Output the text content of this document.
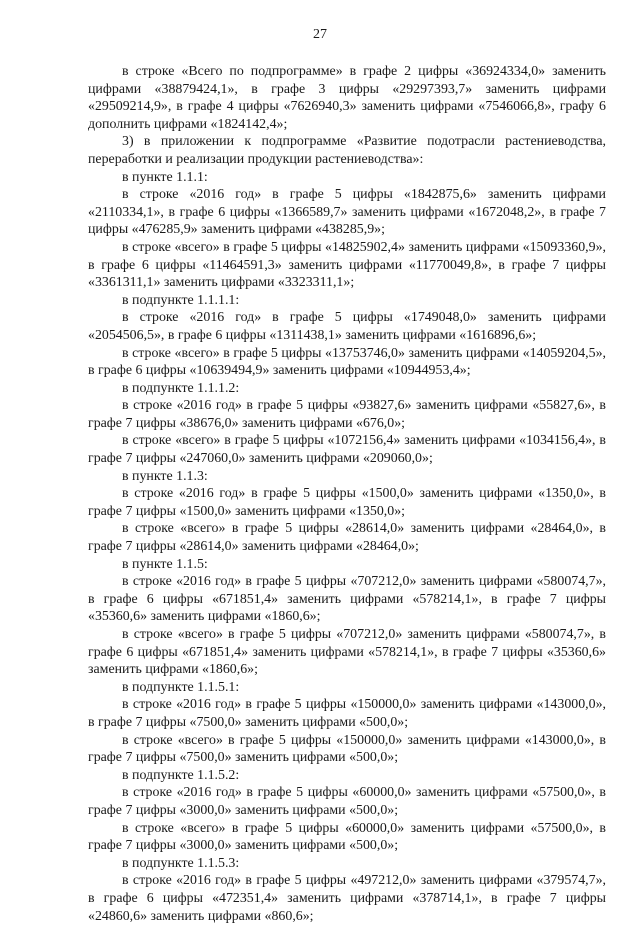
27

в строке «Всего по подпрограмме» в графе 2 цифры «36924334,0» заменить цифрами «38879424,1», в графе 3 цифры «29297393,7» заменить цифрами «29509214,9», в графе 4 цифры «7626940,3» заменить цифрами «7546066,8», графу 6 дополнить цифрами «1824142,4»;

3) в приложении к подпрограмме «Развитие подотрасли растениеводства, переработки и реализации продукции растениеводства»:

в пункте 1.1.1:

в строке «2016 год» в графе 5 цифры «1842875,6» заменить цифрами «2110334,1», в графе 6 цифры «1366589,7» заменить цифрами «1672048,2», в графе 7 цифры «476285,9» заменить цифрами «438285,9»;

в строке «всего» в графе 5 цифры «14825902,4» заменить цифрами «15093360,9», в графе 6 цифры «11464591,3» заменить цифрами «11770049,8», в графе 7 цифры «3361311,1» заменить цифрами «3323311,1»;

в подпункте 1.1.1.1:

в строке «2016 год» в графе 5 цифры «1749048,0» заменить цифрами «2054506,5», в графе 6 цифры «1311438,1» заменить цифрами «1616896,6»;

в строке «всего» в графе 5 цифры «13753746,0» заменить цифрами «14059204,5», в графе 6 цифры «10639494,9» заменить цифрами «10944953,4»;

в подпункте 1.1.1.2:

в строке «2016 год» в графе 5 цифры «93827,6» заменить цифрами «55827,6», в графе 7 цифры «38676,0» заменить цифрами «676,0»;

в строке «всего» в графе 5 цифры «1072156,4» заменить цифрами «1034156,4», в графе 7 цифры «247060,0» заменить цифрами «209060,0»;

в пункте 1.1.3:

в строке «2016 год» в графе 5 цифры «1500,0» заменить цифрами «1350,0», в графе 7 цифры «1500,0» заменить цифрами «1350,0»;

в строке «всего» в графе 5 цифры «28614,0» заменить цифрами «28464,0», в графе 7 цифры «28614,0» заменить цифрами «28464,0»;

в пункте 1.1.5:

в строке «2016 год» в графе 5 цифры «707212,0» заменить цифрами «580074,7», в графе 6 цифры «671851,4» заменить цифрами «578214,1», в графе 7 цифры «35360,6» заменить цифрами «1860,6»;

в строке «всего» в графе 5 цифры «707212,0» заменить цифрами «580074,7», в графе 6 цифры «671851,4» заменить цифрами «578214,1», в графе 7 цифры «35360,6» заменить цифрами «1860,6»;

в подпункте 1.1.5.1:

в строке «2016 год» в графе 5 цифры «150000,0» заменить цифрами «143000,0», в графе 7 цифры «7500,0» заменить цифрами «500,0»;

в строке «всего» в графе 5 цифры «150000,0» заменить цифрами «143000,0», в графе 7 цифры «7500,0» заменить цифрами «500,0»;

в подпункте 1.1.5.2:

в строке «2016 год» в графе 5 цифры «60000,0» заменить цифрами «57500,0», в графе 7 цифры «3000,0» заменить цифрами «500,0»;

в строке «всего» в графе 5 цифры «60000,0» заменить цифрами «57500,0», в графе 7 цифры «3000,0» заменить цифрами «500,0»;

в подпункте 1.1.5.3:

в строке «2016 год» в графе 5 цифры «497212,0» заменить цифрами «379574,7», в графе 6 цифры «472351,4» заменить цифрами «378714,1», в графе 7 цифры «24860,6» заменить цифрами «860,6»;
